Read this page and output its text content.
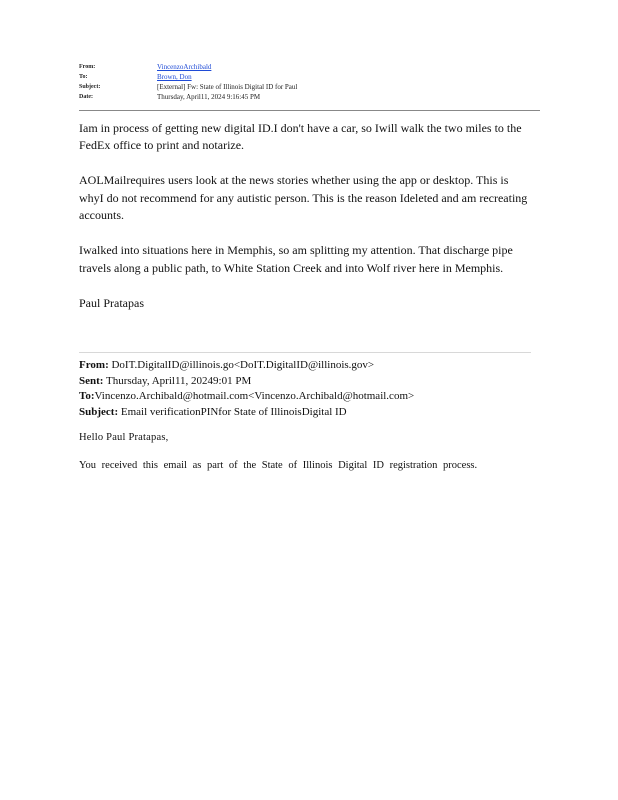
From:	VincenzoArchibald
To:	Brown, Don
Subject:	[External] Fw: State of Illinois Digital ID for Paul
Date:	Thursday, April11, 2024 9:16:45 PM

Iam in process of getting new digital ID.I don't have a car, so Iwill walk the two miles to the FedEx office to print and notarize.

AOLMailrequires users look at the news stories whether using the app or desktop. This is whyI do not recommend for any autistic person. This is the reason Ideleted and am recreating accounts.

Iwalked into situations here in Memphis, so am splitting my attention. That discharge pipe travels along a public path, to White Station Creek and into Wolf river here in Memphis.

Paul Pratapas

From: DoIT.DigitalID@illinois.go<DoIT.DigitalID@illinois.gov>
Sent: Thursday, April11, 20249:01 PM
To:Vincenzo.Archibald@hotmail.com<Vincenzo.Archibald@hotmail.com>
Subject: Email verificationPINfor State of IllinoisDigital ID
Hello Paul Pratapas,
You received this email as part of the State of Illinois Digital ID registration process.
